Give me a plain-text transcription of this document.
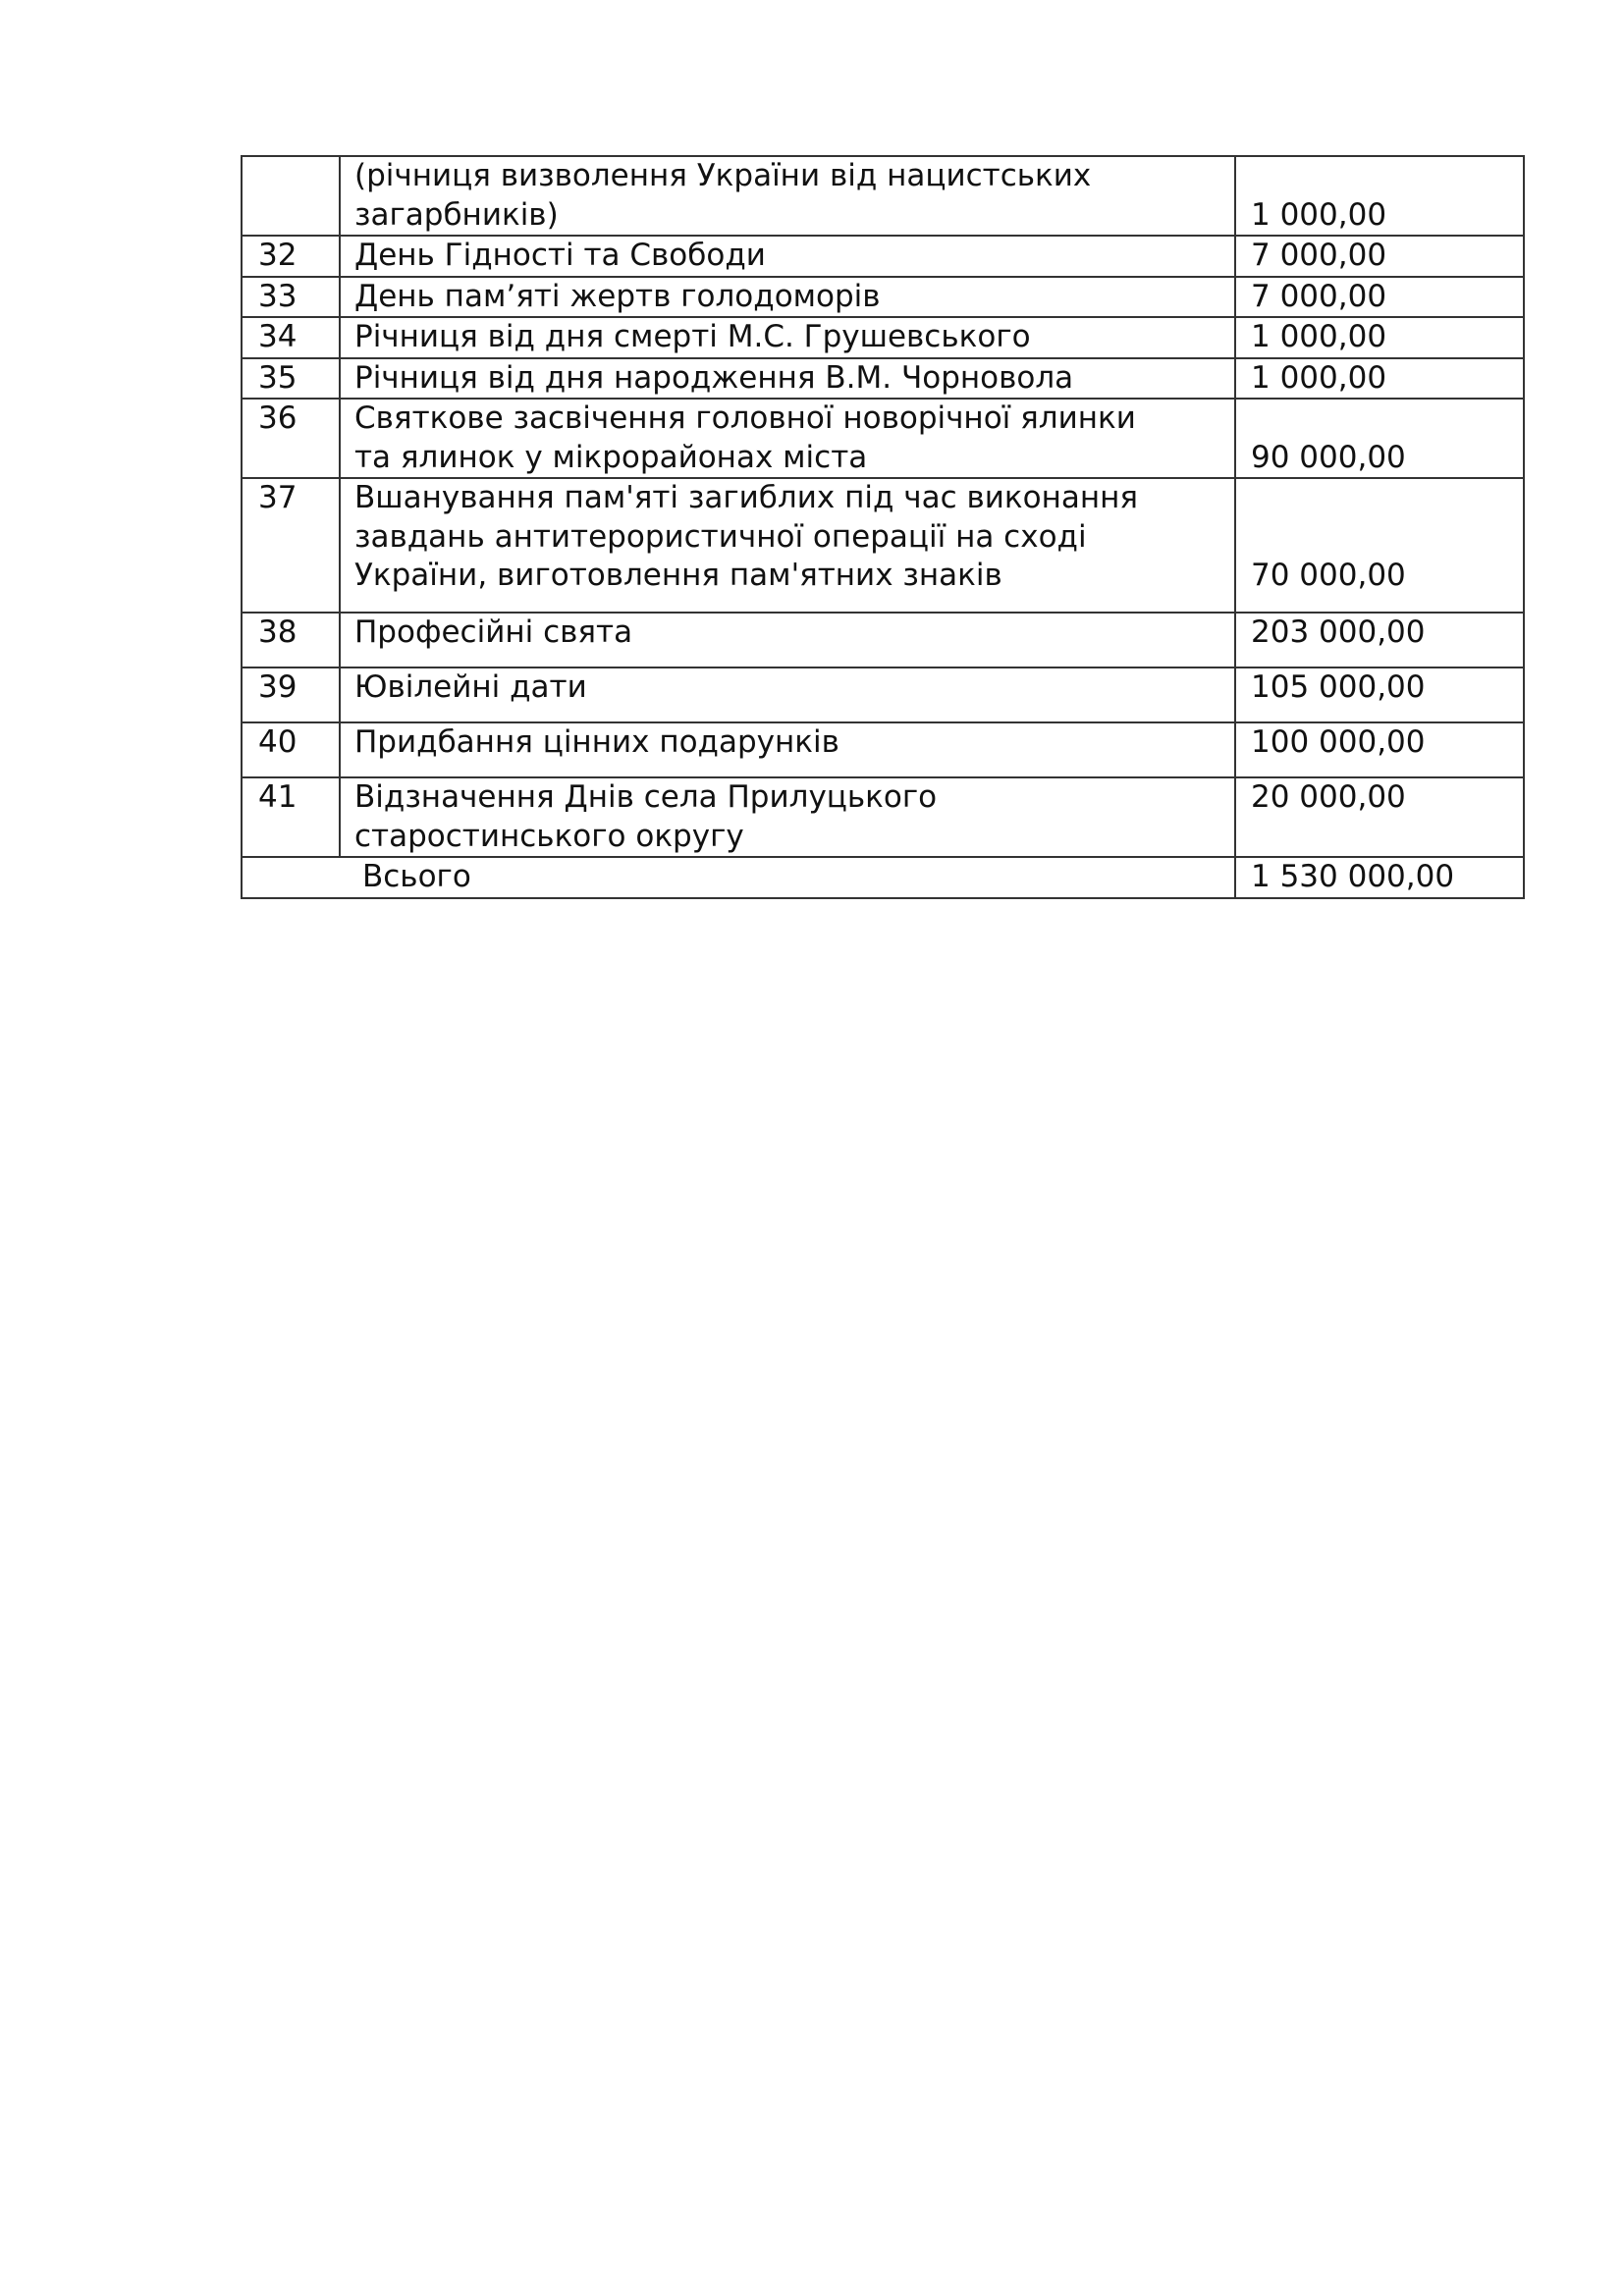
	(річниця визволення України від нацистських
загарбників)	1 000,00

32	День Гідності та Свободи	7 000,00

33	День пам’яті жертв голодоморів	7 000,00

34	Річниця від дня смерті М.С. Грушевського	1 000,00

35	Річниця від дня народження В.М. Чорновола	1 000,00

36	Святкове засвічення головної новорічної ялинки
та ялинок у мікрорайонах міста	90 000,00

37	Вшанування пам'яті загиблих під час виконання
завдань антитерористичної операції на сході
України, виготовлення пам'ятних знаків	70 000,00

38	Професійні свята	203 000,00

39	Ювілейні дати	105 000,00

40	Придбання цінних подарунків	100 000,00

41	Відзначення Днів села Прилуцького
старостинського округу	20 000,00

Всього		1 530 000,00
